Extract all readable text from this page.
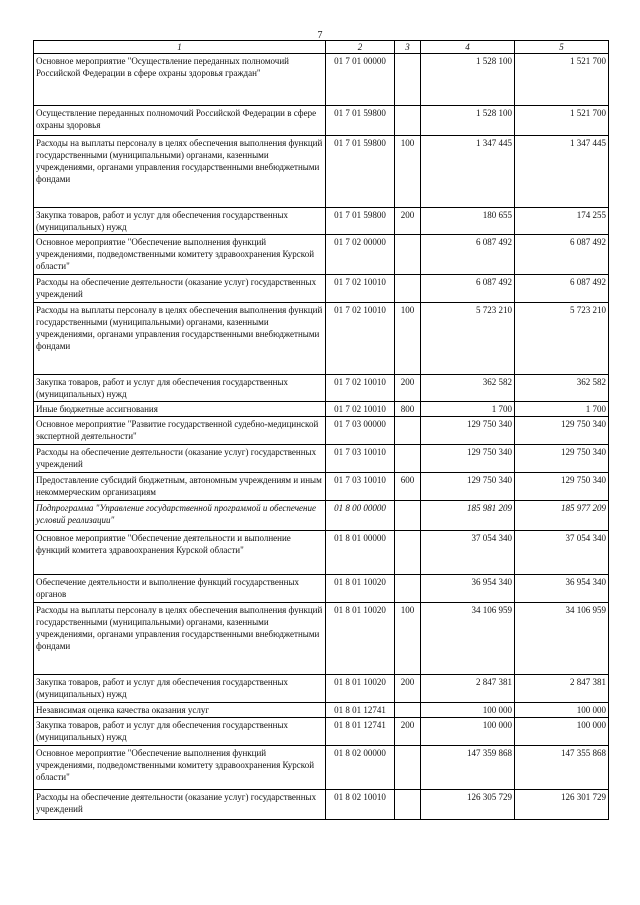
7
1	2	3	4	5
Основное мероприятие "Осуществление переданных полномочий Российской Федерации в сфере охраны здоровья граждан"	01 7 01 00000		1 528 100	1 521 700
Осуществление переданных полномочий Российской Федерации в сфере охраны здоровья	01 7 01 59800		1 528 100	1 521 700
Расходы на выплаты персоналу в целях обеспечения выполнения функций государственными (муниципальными) органами, казенными учреждениями, органами управления государственными внебюджетными фондами	01 7 01 59800	100	1 347 445	1 347 445
Закупка товаров, работ и услуг для обеспечения государственных (муниципальных) нужд	01 7 01 59800	200	180 655	174 255
Основное мероприятие "Обеспечение выполнения функций учреждениями, подведомственными комитету здравоохранения Курской области"	01 7 02 00000		6 087 492	6 087 492
Расходы на обеспечение деятельности (оказание услуг) государственных учреждений	01 7 02 10010		6 087 492	6 087 492
Расходы на выплаты персоналу в целях обеспечения выполнения функций государственными (муниципальными) органами, казенными учреждениями, органами управления государственными внебюджетными фондами	01 7 02 10010	100	5 723 210	5 723 210
Закупка товаров, работ и услуг для обеспечения государственных (муниципальных) нужд	01 7 02 10010	200	362 582	362 582
Иные бюджетные ассигнования	01 7 02 10010	800	1 700	1 700
Основное мероприятие "Развитие государственной судебно-медицинской экспертной деятельности"	01 7 03 00000		129 750 340	129 750 340
Расходы на обеспечение деятельности (оказание услуг) государственных учреждений	01 7 03 10010		129 750 340	129 750 340
Предоставление субсидий бюджетным, автономным учреждениям и иным некоммерческим организациям	01 7 03 10010	600	129 750 340	129 750 340
Подпрограмма "Управление государственной программой и обеспечение условий реализации"	01 8 00 00000		185 981 209	185 977 209
Основное мероприятие "Обеспечение деятельности и выполнение функций комитета здравоохранения Курской области"	01 8 01 00000		37 054 340	37 054 340
Обеспечение деятельности и выполнение функций государственных органов	01 8 01 10020		36 954 340	36 954 340
Расходы на выплаты персоналу в целях обеспечения выполнения функций государственными (муниципальными) органами, казенными учреждениями, органами управления государственными внебюджетными фондами	01 8 01 10020	100	34 106 959	34 106 959
Закупка товаров, работ и услуг для обеспечения государственных (муниципальных) нужд	01 8 01 10020	200	2 847 381	2 847 381
Независимая оценка качества оказания услуг	01 8 01 12741		100 000	100 000
Закупка товаров, работ и услуг для обеспечения государственных (муниципальных) нужд	01 8 01 12741	200	100 000	100 000
Основное мероприятие "Обеспечение выполнения функций учреждениями, подведомственными комитету здравоохранения Курской области"	01 8 02 00000		147 359 868	147 355 868
Расходы на обеспечение деятельности (оказание услуг) государственных учреждений	01 8 02 10010		126 305 729	126 301 729
